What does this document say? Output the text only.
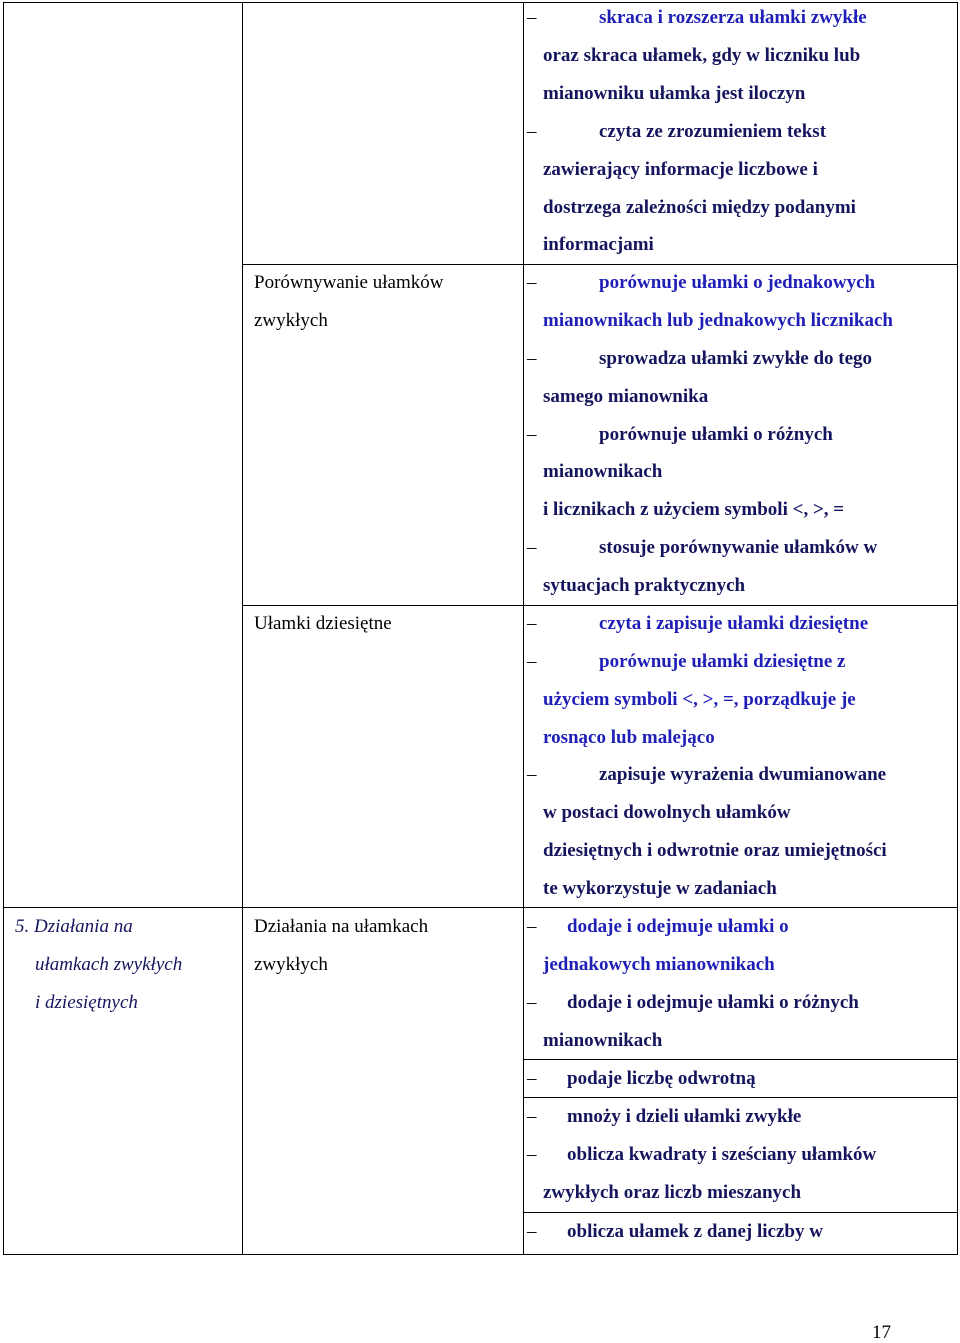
5. Działania na
ułamkach zwykłych
i dziesiętnych
Porównywanie ułamków
zwykłych
Ułamki dziesiętne
Działania na ułamkach
zwykłych
–
–
–
–
–
–
–
–
–
–
–
–
–
–
–
skraca i rozszerza ułamki zwykłe
oraz skraca ułamek, gdy w liczniku lub
mianowniku ułamka jest iloczyn
czyta ze zrozumieniem tekst
zawierający informacje liczbowe i
dostrzega zależności między podanymi
informacjami
porównuje ułamki o jednakowych
mianownikach lub jednakowych licznikach
sprowadza ułamki zwykłe do tego
samego mianownika
porównuje ułamki o różnych
mianownikach
i licznikach z użyciem symboli <, >, =
stosuje porównywanie ułamków w
sytuacjach praktycznych
czyta i zapisuje ułamki dziesiętne
porównuje ułamki dziesiętne z
użyciem symboli <, >, =, porządkuje je
rosnąco lub malejąco
zapisuje wyrażenia dwumianowane
w postaci dowolnych ułamków
dziesiętnych i odwrotnie oraz umiejętności
te wykorzystuje w zadaniach
dodaje i odejmuje ułamki o
jednakowych mianownikach
dodaje i odejmuje ułamki o różnych
mianownikach
podaje liczbę odwrotną
mnoży i dzieli ułamki zwykłe
oblicza kwadraty i sześciany ułamków
zwykłych oraz liczb mieszanych
oblicza ułamek z danej liczby w
17
